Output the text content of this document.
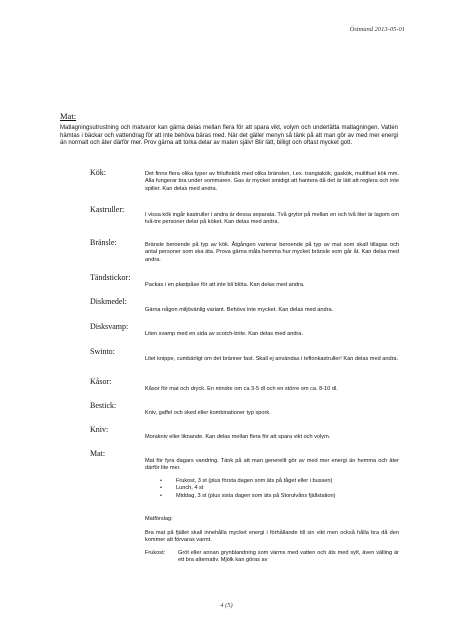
Östmund 2013-05-01
Mat:
Matlagningsutrustning och matvaror kan gärna delas mellan flera för att spara vikt, volym och underlätta matlagningen. Vatten hämtas i bäckar och vattendrag för att inte behöva bäras med. När det gäller menyn så tänk på att man gör av med mer energi än normalt och äter därför mer. Prov gärna att torka delar av maten själv! Blir lätt, billigt och oftast mycket gott.
Kök:	Det finns flera olika typer av friluftskök med olika bränslen, t.ex. trangiakök, gaskök, multifuel kök mm. Alla fungerar bra under sommaren. Gas är mycket smidigt att hantera då det är lätt att reglera och inte spiller. Kan delas med andra.
Kastruller:
I vissa kök ingår kastruller i andra är dessa separata. Två grytor på mellan en och två liter är lagom om två-tre personer delar på köket. Kan delas med andra.
Bränsle:	Bränsle beroende på typ av kök. Åtgången varierar beroende på typ av mat som skall tillagas och antal personer som ska äta. Prova gärna måla hemma hur mycket bränsle som går åt. Kan delas med andra.
Tändstickor:
Packas i en plastpåse för att inte bli blöta. Kan delas med andra.
Diskmedel:
Gärna någon miljövänlig variant. Behövs inte mycket. Kan delas med andra.
Disksvamp:
Liten svamp med en sida av scotch-brite. Kan delas med andra.
Swinto:
Litet knippe, cumbärligt om det bränner fast. Skall ej användas i teflonkastruller! Kan delas med andra.
Kåsor:
Kåsor för mat och dryck. En mindre om ca 3-5 dl och en större om ca. 8-10 dl.
Bestick:
Kniv, gaffel och sked eller kombinationer typ spork.
Kniv:
Morakniv eller liknande. Kan delas mellan flera för att spara vikt och volym.
Mat:
Mat för fyra dagars vandring. Tänk på att man generellt gör av med mer energi än hemma och äter därför lite mer.
• Frukost, 3 st (plus första dagen som äts på tåget eller i bussen)
• Lunch, 4 st
• Middag, 3 st (plus sista dagen som äts på Storulvåns fjällstation)
Matförslag:
Bra mat på fjället skall innehålla mycket energi i förhållande till sin vikt men också hålla bra då den kommer att förvaras varmt.
Frukost: Gröt eller annan grynblandning som värms med vatten och äts med sylt, även välling är ett bra alternativ. Mjölk kan göras av
4 (5)
